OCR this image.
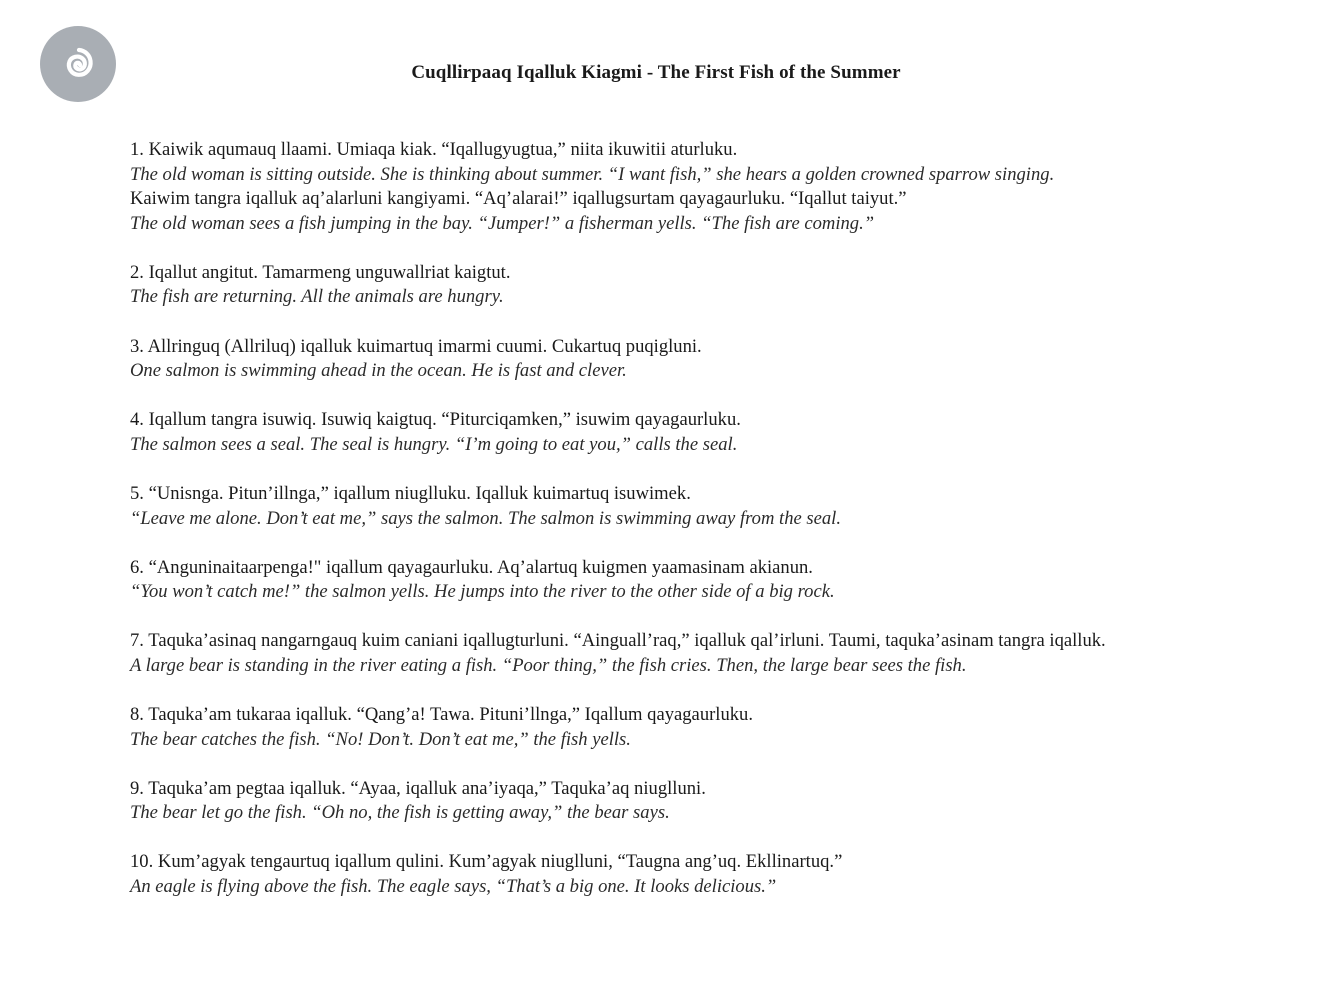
Cuqllirpaaq Iqalluk Kiagmi - The First Fish of the Summer
1. Kaiwik aqumauq llaami. Umiaqa kiak. “Iqallugyugtua,” niita ikuwitii aturluku.
The old woman is sitting outside. She is thinking about summer. “I want fish,” she hears a golden crowned sparrow singing.
Kaiwim tangra iqalluk aq’alarluni kangiyami. “Aq’alarai!” iqallugsurtam qayagaurluku. “Iqallut taiyut.”
The old woman sees a fish jumping in the bay. “Jumper!” a fisherman yells. “The fish are coming.”
2. Iqallut angitut. Tamarmeng unguwallriat kaigtut.
The fish are returning. All the animals are hungry.
3. Allringuq (Allriluq) iqalluk kuimartuq imarmi cuumi. Cukartuq puqigluni.
One salmon is swimming ahead in the ocean. He is fast and clever.
4. Iqallum tangra isuwiq. Isuwiq kaigtuq. “Piturciqamken,” isuwim qayagaurluku.
The salmon sees a seal. The seal is hungry. “I’m going to eat you,” calls the seal.
5. “Unisnga. Pitun’illnga,” iqallum niuglluku. Iqalluk kuimartuq isuwimek.
“Leave me alone. Don’t eat me,” says the salmon. The salmon is swimming away from the seal.
6. “Anguninaitaarpenga!" iqallum qayagaurluku. Aq’alartuq kuigmen yaamasinam akianun.
“You won’t catch me!” the salmon yells. He jumps into the river to the other side of a big rock.
7. Taquka’asinaq nangarngauq kuim caniani iqallugturluni. “Ainguall’raq,” iqalluk qal’irluni. Taumi, taquka’asinam tangra iqalluk.
A large bear is standing in the river eating a fish. “Poor thing,” the fish cries. Then, the large bear sees the fish.
8. Taquka’am tukaraa iqalluk. “Qang’a! Tawa. Pituni’llnga,” Iqallum qayagaurluku.
The bear catches the fish. “No! Don’t. Don’t eat me,” the fish yells.
9. Taquka’am pegtaa iqalluk. “Ayaa, iqalluk ana’iyaqa,” Taquka’aq niuglluni.
The bear let go the fish. “Oh no, the fish is getting away,” the bear says.
10. Kum’agyak tengaurtuq iqallum qulini. Kum’agyak niuglluni, “Taugna ang’uq. Ekllinartuq.”
An eagle is flying above the fish. The eagle says, “That’s a big one. It looks delicious.”
